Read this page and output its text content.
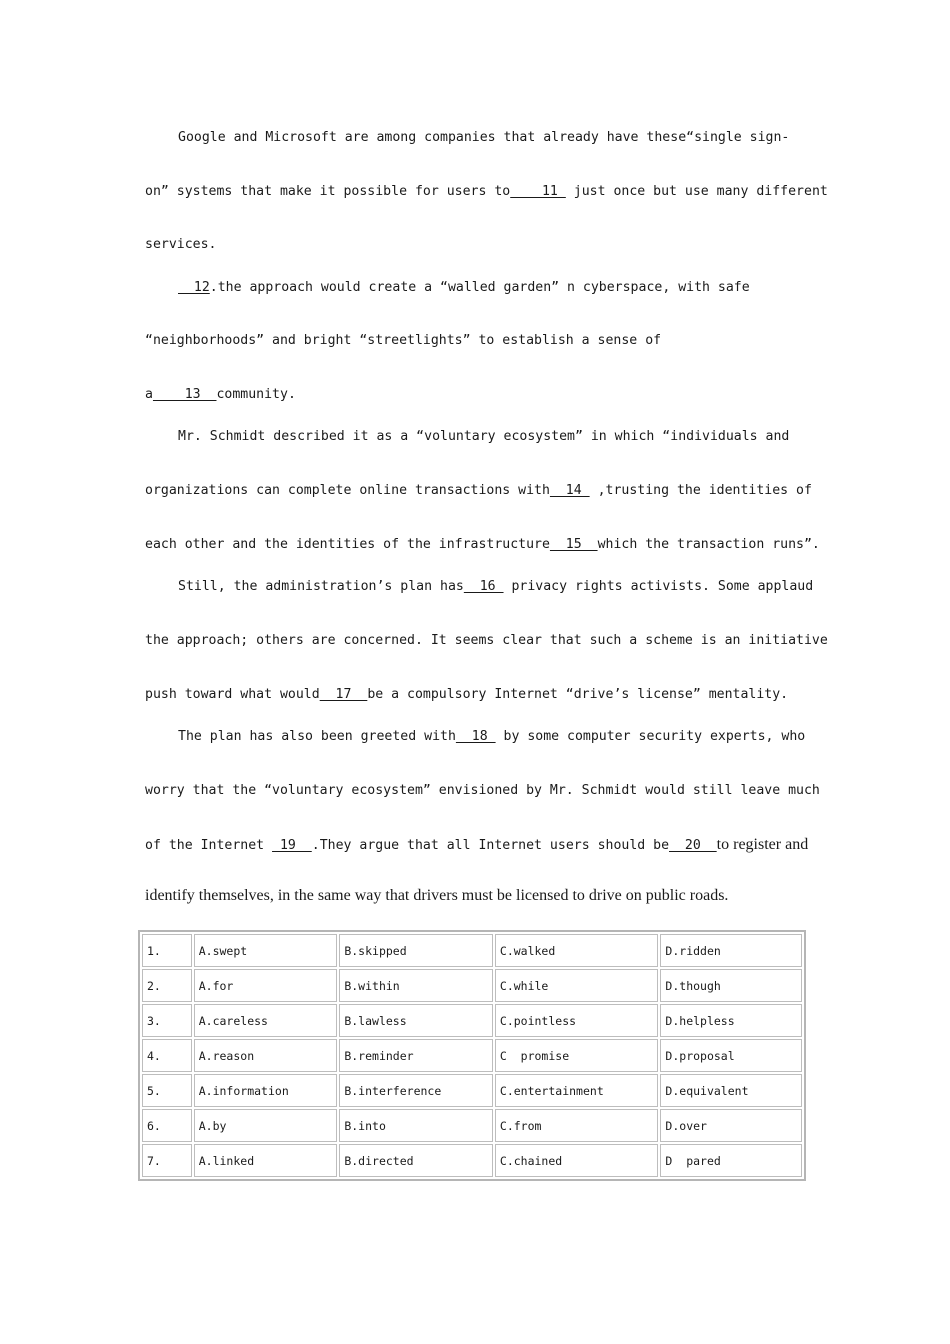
Google and Microsoft are among companies that already have these“single sign-
on” systems that make it possible for users to    11  just once but use many different
services.
12.the approach would create a “walled garden” n cyberspace, with safe
“neighborhoods” and bright “streetlights” to establish a sense of
a    13  community.
Mr. Schmidt described it as a “voluntary ecosystem” in which “individuals and
organizations can complete online transactions with  14  ,trusting the identities of
each other and the identities of the infrastructure  15  which the transaction runs”.
Still, the administration’s plan has  16  privacy rights activists. Some applaud
the approach; others are concerned. It seems clear that such a scheme is an initiative
push toward what would  17  be a compulsory Internet “drive’s license” mentality.
The plan has also been greeted with  18  by some computer security experts, who
worry that the “voluntary ecosystem” envisioned by Mr. Schmidt would still leave much
of the Internet  19  .They argue that all Internet users should be  20  to register and
identify themselves, in the same way that drivers must be licensed to drive on public roads.
1.	A.swept	B.skipped	C.walked	D.ridden
2.	A.for	B.within	C.while	D.though
3.	A.careless	B.lawless	C.pointless	D.helpless
4.	A.reason	B.reminder	C  promise	D.proposal
5.	A.information	B.interference	C.entertainment	D.equivalent
6.	A.by	B.into	C.from	D.over
7.	A.linked	B.directed	C.chained	D  pared
